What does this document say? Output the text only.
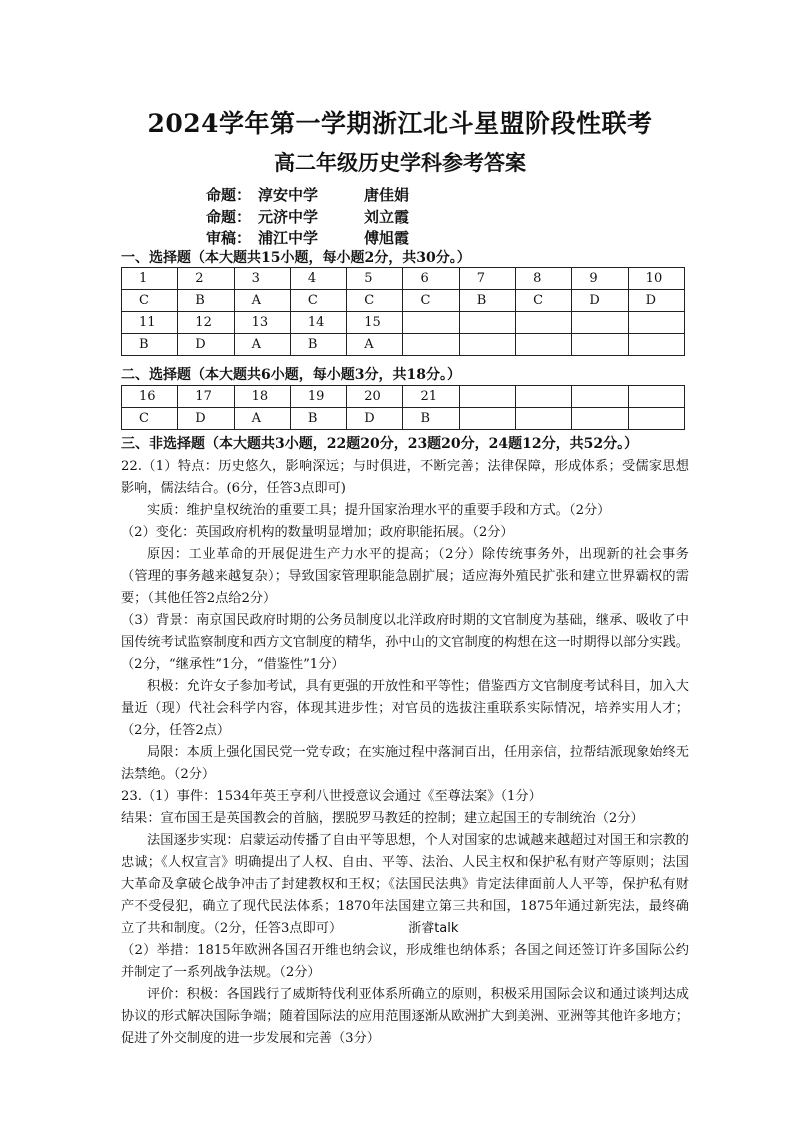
2024学年第一学期浙江北斗星盟阶段性联考
高二年级历史学科参考答案
命题： 淳安中学	唐佳娟
命题： 元济中学	刘立霞
审稿： 浦江中学	傅旭霞
一、选择题（本大题共15小题，每小题2分，共30分。）
1	2	3	4	5	6	7	8	9	10
C	B	A	C	C	C	B	C	D	D
11	12	13	14	15					
B	D	A	B	A					
二、选择题（本大题共6小题，每小题3分，共18分。）
16	17	18	19	20	21				
C	D	A	B	D	B				
三、非选择题（本大题共3小题，22题20分，23题20分，24题12分，共52分。）

22.（1）特点：历史悠久，影响深远；与时俱进，不断完善；法律保障，形成体系；受儒家思想影响，儒法结合。(6分，任答3点即可)

实质：维护皇权统治的重要工具；提升国家治理水平的重要手段和方式。（2分）

（2）变化：英国政府机构的数量明显增加；政府职能拓展。（2分）

原因：工业革命的开展促进生产力水平的提高；（2分）除传统事务外，出现新的社会事务（管理的事务越来越复杂）；导致国家管理职能急剧扩展；适应海外殖民扩张和建立世界霸权的需要；（其他任答2点给2分）

（3）背景：南京国民政府时期的公务员制度以北洋政府时期的文官制度为基础，继承、吸收了中国传统考试监察制度和西方文官制度的精华，孙中山的文官制度的构想在这一时期得以部分实践。（2分，“继承性”1分，“借鉴性”1分）

积极：允许女子参加考试，具有更强的开放性和平等性；借鉴西方文官制度考试科目，加入大量近（现）代社会科学内容，体现其进步性；对官员的选拔注重联系实际情况，培养实用人才；（2分，任答2点）

局限：本质上强化国民党一党专政；在实施过程中落洞百出，任用亲信，拉帮结派现象始终无法禁绝。（2分）

23.（1）事件：1534年英王亨利八世授意议会通过《至尊法案》（1分）

结果：宣布国王是英国教会的首脑，摆脱罗马教廷的控制；建立起国王的专制统治（2分）

法国逐步实现：启蒙运动传播了自由平等思想，个人对国家的忠诚越来越超过对国王和宗教的忠诚；《人权宣言》明确提出了人权、自由、平等、法治、人民主权和保护私有财产等原则；法国大革命及拿破仑战争冲击了封建教权和王权；《法国民法典》肯定法律面前人人平等，保护私有财产不受侵犯，确立了现代民法体系；1870年法国建立第三共和国，1875年通过新宪法，最终确立了共和制度。（2分，任答3点即可）	浙睿talk

（2）举措：1815年欧洲各国召开维也纳会议，形成维也纳体系；各国之间还签订许多国际公约并制定了一系列战争法规。（2分）

评价：积极：各国践行了威斯特伐利亚体系所确立的原则，积极采用国际会议和通过谈判达成协议的形式解决国际争端；随着国际法的应用范围逐渐从欧洲扩大到美洲、亚洲等其他许多地方；促进了外交制度的进一步发展和完善（3分）
